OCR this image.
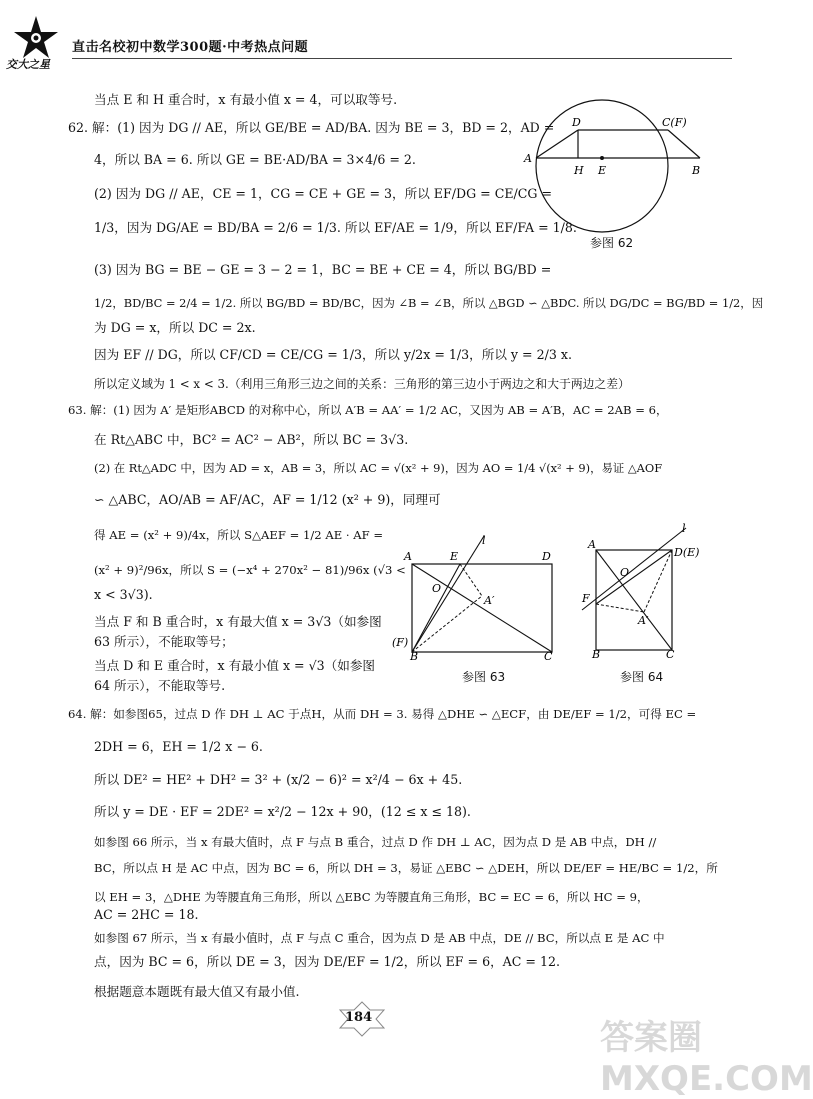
交大之星
直击名校初中数学300题·中考热点问题
当点 E 和 H 重合时，x 有最小值 x = 4，可以取等号.
62. 解：(1) 因为 DG // AE，所以 GE/BE = AD/BA. 因为 BE = 3，BD = 2，AD =
4，所以 BA = 6. 所以 GE = BE·AD/BA = 3×4/6 = 2.
(2) 因为 DG // AE，CE = 1，CG = CE + GE = 3，所以 EF/DG = CE/CG =
1/3，因为 DG/AE = BD/BA = 2/6 = 1/3. 所以 EF/AE = 1/9，所以 EF/FA = 1/8.
(3) 因为 BG = BE − GE = 3 − 2 = 1，BC = BE + CE = 4，所以 BG/BD =
1/2，BD/BC = 2/4 = 1/2. 所以 BG/BD = BD/BC，因为 ∠B = ∠B，所以 △BGD ∽ △BDC. 所以 DG/DC = BG/BD = 1/2，因
为 DG = x，所以 DC = 2x.
因为 EF // DG，所以 CF/CD = CE/CG = 1/3，所以 y/2x = 1/3，所以 y = 2/3 x.
所以定义域为 1 < x < 3.（利用三角形三边之间的关系：三角形的第三边小于两边之和大于两边之差）
63. 解：(1) 因为 A′ 是矩形ABCD 的对称中心，所以 A′B = AA′ = 1/2 AC，又因为 AB = A′B，AC = 2AB = 6，
在 Rt△ABC 中，BC² = AC² − AB²，所以 BC = 3√3.
(2) 在 Rt△ADC 中，因为 AD = x，AB = 3，所以 AC = √(x² + 9)，因为 AO = 1/4 √(x² + 9)，易证 △AOF
∽ △ABC，AO/AB = AF/AC，AF = 1/12 (x² + 9)，同理可
得 AE = (x² + 9)/4x，所以 S△AEF = 1/2 AE · AF =
(x² + 9)²/96x，所以 S = (−x⁴ + 270x² − 81)/96x (√3 <
x < 3√3).
当点 F 和 B 重合时，x 有最大值 x = 3√3（如参图
63 所示），不能取等号；
当点 D 和 E 重合时，x 有最小值 x = √3（如参图
64 所示），不能取等号.
64. 解：如参图65，过点 D 作 DH ⊥ AC 于点H，从而 DH = 3. 易得 △DHE ∽ △ECF，由 DE/EF = 1/2，可得 EC =
2DH = 6，EH = 1/2 x − 6.
所以 DE² = HE² + DH² = 3² + (x/2 − 6)² = x²/4 − 6x + 45.
所以 y = DE · EF = 2DE² = x²/2 − 12x + 90，(12 ≤ x ≤ 18).
如参图 66 所示，当 x 有最大值时，点 F 与点 B 重合，过点 D 作 DH ⊥ AC，因为点 D 是 AB 中点，DH //
BC，所以点 H 是 AC 中点，因为 BC = 6，所以 DH = 3，易证 △EBC ∽ △DEH，所以 DE/EF = HE/BC = 1/2，所
以 EH = 3，△DHE 为等腰直角三角形，所以 △EBC 为等腰直角三角形，BC = EC = 6，所以 HC = 9，
AC = 2HC = 18.
如参图 67 所示，当 x 有最小值时，点 F 与点 C 重合，因为点 D 是 AB 中点，DE // BC，所以点 E 是 AC 中
点，因为 BC = 6，所以 DE = 3，因为 DE/EF = 1/2，所以 EF = 6，AC = 12.
根据题意本题既有最大值又有最小值.
D	C(F)
A
H E	B
参图 62
A	E
l
D
O
A′
(F)
B	C
参图 63
A
D(E)
l
O
F
A′
B	C
参图 64
184
答案圈 MXQE.COM
